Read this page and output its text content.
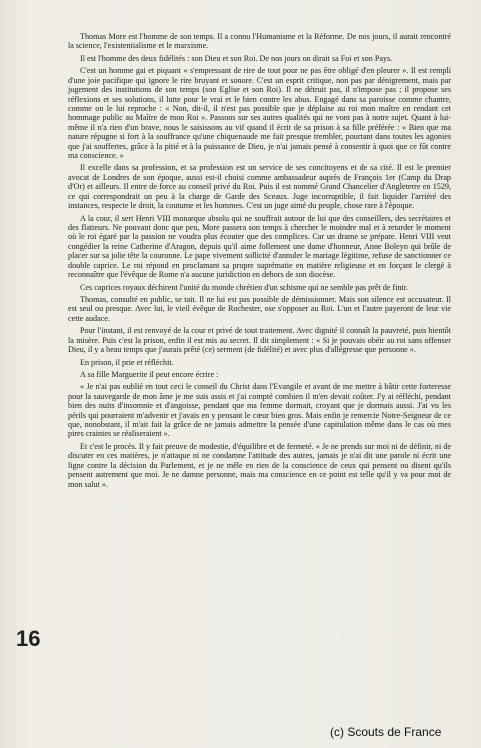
Thomas More est l'homme de son temps. Il a connu l'Humanisme et la Réforme. De nos jours, il aurait rencontré la science, l'existentialisme et le marxisme.

Il est l'homme des deux fidélités : son Dieu et son Roi. De nos jours on dirait sa Foi et son Pays.

C'est un homme gai et piquant « s'empressant de rire de tout pour ne pas être obligé d'en pleurer ». Il est rempli d'une joie pacifique qui ignore le rire bruyant et sonore. C'est un esprit critique, non pas par dénigrement, mais par jugement des institutions de son temps (son Eglise et son Roi). Il ne détruit pas, il n'impose pas ; il propose ses réflexions et ses solutions, il lutte pour le vrai et le bien contre les abus. Engagé dans sa paroisse comme chantre, comme on le lui reproche : « Non, dit-il, il n'est pas possible que je déplaise au roi mon maître en rendant cet hommage public au Maître de mon Roi ». Passons sur ses autres qualités qui ne vont pas à notre sujet. Quant à lui-même il n'a rien d'un brave, nous le saisissons au vif quand il écrit de sa prison à sa fille préférée : « Bien que ma nature répugne si fort à la souffrance qu'une chiquenaude me fait presque trembler, pourtant dans toutes les agonies que j'ai souffertes, grâce à la pitié et à la puissance de Dieu, je n'ai jamais pensé à consentir à quoi que ce fût contre ma conscience. »

Il excelle dans sa profession, et sa profession est un service de ses concitoyens et de sa cité. Il est le premier avocat de Londres de son époque, aussi est-il choisi comme ambassadeur auprès de François 1er (Camp du Drap d'Or) et ailleurs. Il entre de force au conseil privé du Roi. Puis il est nommé Grand Chancelier d'Angleterre en 1529, ce qui correspondrait un peu à la charge de Garde des Sceaux. Juge incorruptible, il fait liquider l'arriéré des instances, respecte le droit, la coutume et les hommes. C'est un juge aimé du peuple, chose rare à l'époque.

A la cour, il sert Henri VIII monarque absolu qui ne souffrait autour de lui que des conseillers, des secrétaires et des flatteurs. Ne pouvant donc que peu, More passera son temps à chercher le moindre mal et à retarder le moment où le roi égaré par la passion ne voudra plus écouter que des complices. Car un drame se prépare. Henri VIII veut congédier la reine Catherine d'Aragon, depuis qu'il aime follement une dame d'honneur, Anne Boleyn qui brûle de placer sur sa jolie tête la couronne. Le pape vivement sollicité d'annuler le mariage légitime, refuse de sanctionner ce double caprice. Le roi répond en proclamant sa propre suprématie en matière religieuse et en forçant le clergé à reconnaître que l'évêque de Rome n'a aucune juridiction en dehors de son diocèse.

Ces caprices royaux déchirent l'unité du monde chrétien d'un schisme qui ne semble pas prêt de finir.

Thomas, consulté en public, se tait. Il ne lui est pas possible de démissionner. Mais son silence est accusateur. Il est seul ou presque. Avec lui, le vieil évêque de Rochester, ose s'opposer au Roi. L'un et l'autre payeront de leur vie cette audace.

Pour l'instant, il est renvoyé de la cour et privé de tout traitement. Avec dignité il connaît la pauvreté, puis bientôt la misère. Puis c'est la prison, enfin il est mis au secret. Il dit simplement : « Si je pouvais obéir au roi sans offenser Dieu, il y a beau temps que j'aurais prêté (ce) serment (de fidélité) et avec plus d'allégresse que personne ».

En prison, il prie et réfléchit.

A sa fille Marguerite il peut encore écrire :

« Je n'ai pas oublié en tout ceci le conseil du Christ dans l'Evangile et avant de me mettre à bâtir cette forteresse pour la sauvegarde de mon âme je me suis assis et j'ai compté combien il m'en devait coûter. J'y ai réfléchi, pendant bien des nuits d'insomnie et d'angoisse, pendant que ma femme dormait, croyant que je dormais aussi. J'ai vu les périls qui pourraient m'advenir et j'avais en y pensant le cœur bien gros. Mais enfin je remercie Notre-Seigneur de ce que, nonobstant, il m'ait fait la grâce de ne jamais admettre la pensée d'une capitulation même dans le cas où mes pires craintes se réaliseraient ».

Et c'est le procès. Il y fait preuve de modestie, d'équilibre et de fermeté. « Je ne prends sur moi ni de définir, ni de discuter en ces matières, je n'attaque ni ne condamne l'attitude des autres, jamais je n'ai dit une parole ni écrit une ligne contre la décision du Parlement, et je ne mêle en rien de la conscience de ceux qui pensent ou disent qu'ils pensent autrement que moi. Je ne damne personne, mais ma conscience en ce point est telle qu'il y va pour moi de mon salut ».

16
(c) Scouts de France
